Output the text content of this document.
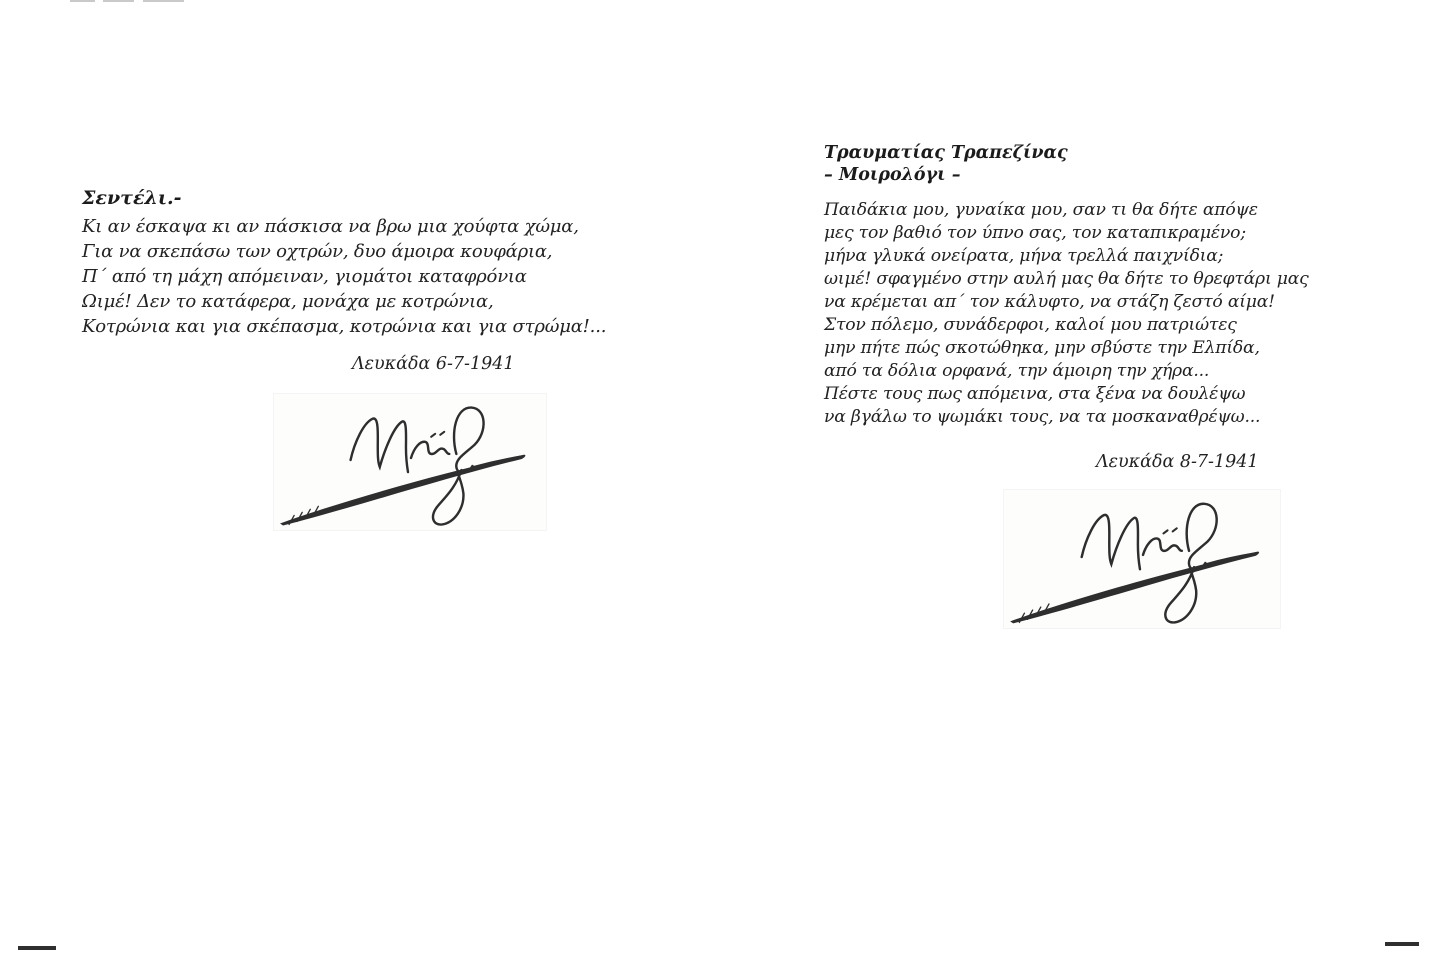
Σεντέλι.-
Κι αν έσκαψα κι αν πάσκισα να βρω μια χούφτα χώμα,
Για να σκεπάσω των οχτρών, δυο άμοιρα κουφάρια,
Π΄ από τη μάχη απόμειναν, γιομάτοι καταφρόνια
Ωιμέ! Δεν το κατάφερα, μονάχα με κοτρώνια,
Κοτρώνια και για σκέπασμα, κοτρώνια και για στρώμα!...
Λευκάδα 6-7-1941
Τραυματίας Τραπεζίνας
– Μοιρολόγι –
Παιδάκια μου, γυναίκα μου, σαν τι θα δήτε απόψε
μες τον βαθιό τον ύπνο σας, τον καταπικραμένο;
μήνα γλυκά ονείρατα, μήνα τρελλά παιχνίδια;
ωιμέ! σφαγμένο στην αυλή μας θα δήτε το θρεφτάρι μας
να κρέμεται απ΄ τον κάλυφτο, να στάζη ζεστό αίμα!
Στον πόλεμο, συνάδερφοι, καλοί μου πατριώτες
μην πήτε πώς σκοτώθηκα, μην σβύστε την Ελπίδα,
από τα δόλια ορφανά, την άμοιρη την χήρα...
Πέστε τους πως απόμεινα, στα ξένα να δουλέψω
να βγάλω το ψωμάκι τους, να τα μοσκαναθρέψω...
Λευκάδα 8-7-1941
